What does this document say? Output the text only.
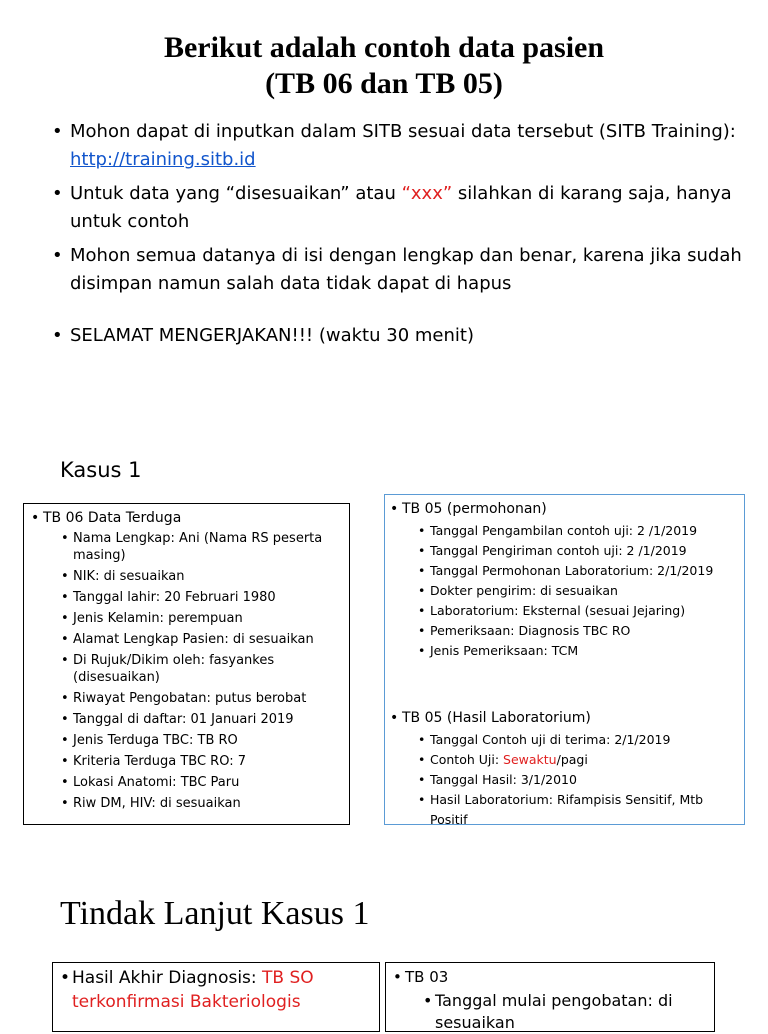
Berikut adalah contoh data pasien
(TB 06 dan TB 05)
• Mohon dapat di inputkan dalam SITB sesuai data tersebut (SITB Training): http://training.sitb.id
• Untuk data yang “disesuaikan” atau “xxx” silahkan di karang saja, hanya untuk contoh
• Mohon semua datanya di isi dengan lengkap dan benar, karena jika sudah disimpan namun salah data tidak dapat di hapus
• SELAMAT MENGERJAKAN!!! (waktu 30 menit)
Kasus 1
• TB 06 Data Terduga
• Nama Lengkap: Ani (Nama RS peserta masing)
• NIK: di sesuaikan
• Tanggal lahir: 20 Februari 1980
• Jenis Kelamin: perempuan
• Alamat Lengkap Pasien: di sesuaikan
• Di Rujuk/Dikim oleh: fasyankes (disesuaikan)
• Riwayat Pengobatan: putus berobat
• Tanggal di daftar: 01 Januari 2019
• Jenis Terduga TBC: TB RO
• Kriteria Terduga TBC RO: 7
• Lokasi Anatomi: TBC Paru
• Riw DM, HIV: di sesuaikan
• TB 05 (permohonan)
• Tanggal Pengambilan contoh uji: 2 /1/2019
• Tanggal Pengiriman contoh uji: 2 /1/2019
• Tanggal Permohonan Laboratorium: 2/1/2019
• Dokter pengirim: di sesuaikan
• Laboratorium: Eksternal (sesuai Jejaring)
• Pemeriksaan: Diagnosis TBC RO
• Jenis Pemeriksaan: TCM
• TB 05 (Hasil Laboratorium)
• Tanggal Contoh uji di terima: 2/1/2019
• Contoh Uji: Sewaktu/pagi
• Tanggal Hasil: 3/1/2010
• Hasil Laboratorium: Rifampisis Sensitif, Mtb Positif
Tindak Lanjut Kasus 1
• Hasil Akhir Diagnosis: TB SO terkonfirmasi Bakteriologis
• TB 03
• Tanggal mulai pengobatan: di sesuaikan
